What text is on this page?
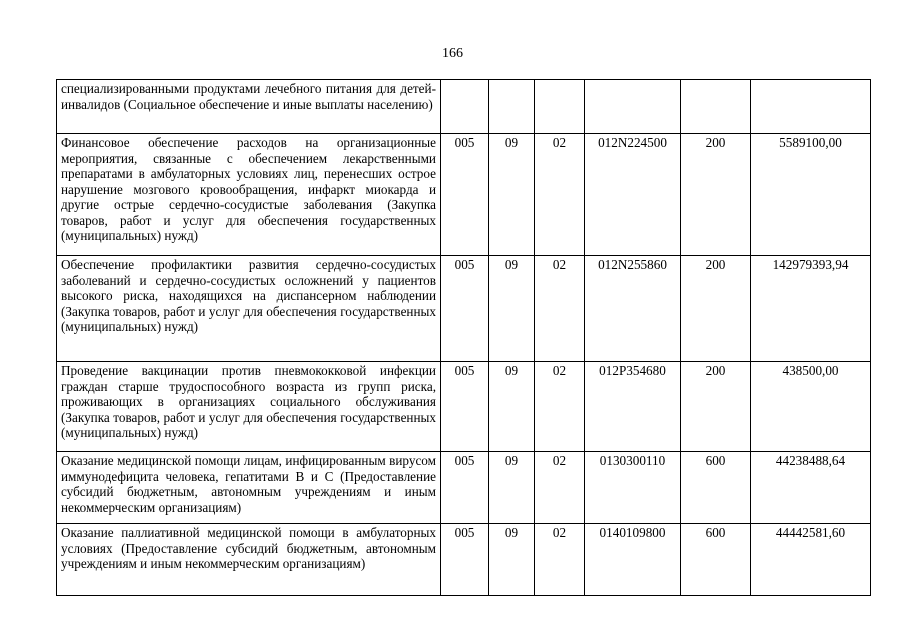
166
специализированными продуктами лечебного питания для детей-инвалидов (Социальное обеспечение и иные выплаты населению)						
Финансовое обеспечение расходов на организационные мероприятия, связанные с обеспечением лекарственными препаратами в амбулаторных условиях лиц, перенесших острое нарушение мозгового кровообращения, инфаркт миокарда и другие острые сердечно-сосудистые заболевания (Закупка товаров, работ и услуг для обеспечения государственных (муниципальных) нужд)	005	09	02	012N224500	200	5589100,00
Обеспечение профилактики развития сердечно-сосудистых заболеваний и сердечно-сосудистых осложнений у пациентов высокого риска, находящихся на диспансерном наблюдении (Закупка товаров, работ и услуг для обеспечения государственных (муниципальных) нужд)	005	09	02	012N255860	200	142979393,94
Проведение вакцинации против пневмококковой инфекции граждан старше трудоспособного возраста из групп риска, проживающих в организациях социального обслуживания (Закупка товаров, работ и услуг для обеспечения государственных (муниципальных) нужд)	005	09	02	012P354680	200	438500,00
Оказание медицинской помощи лицам, инфицированным вирусом иммунодефицита человека, гепатитами B и C (Предоставление субсидий бюджетным, автономным учреждениям и иным некоммерческим организациям)	005	09	02	0130300110	600	44238488,64
Оказание паллиативной медицинской помощи в амбулаторных условиях (Предоставление субсидий бюджетным, автономным учреждениям и иным некоммерческим организациям)	005	09	02	0140109800	600	44442581,60
